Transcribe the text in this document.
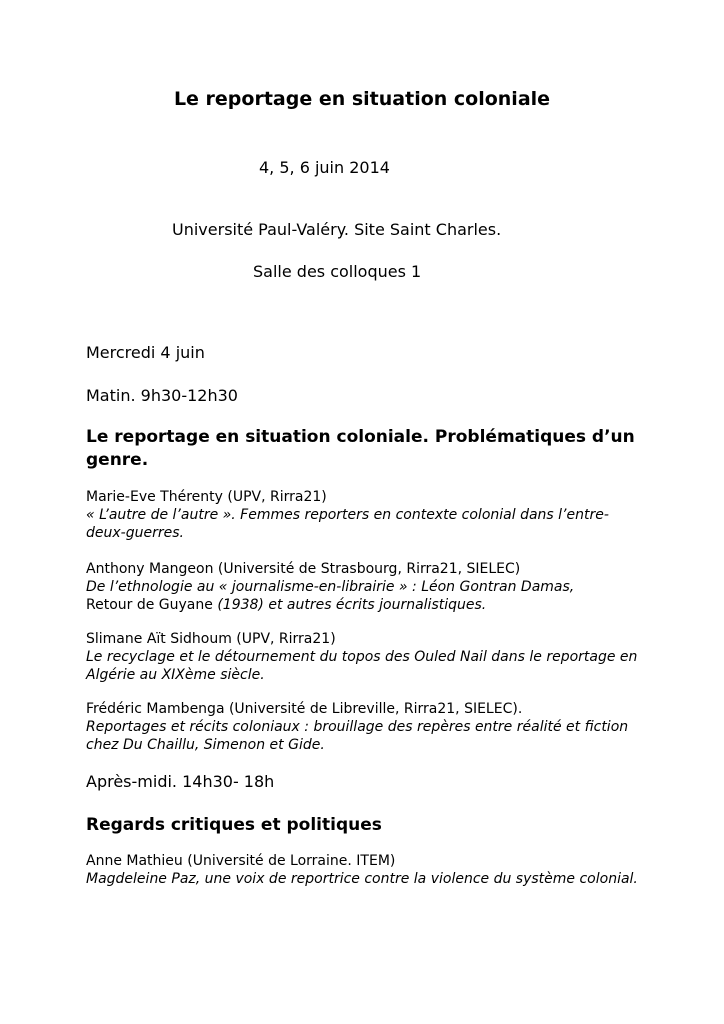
Le reportage en situation coloniale
4, 5, 6 juin 2014
Université Paul-Valéry. Site Saint Charles.
Salle des colloques 1
Mercredi 4 juin
Matin. 9h30-12h30
Le reportage en situation coloniale. Problématiques d’un genre.
Marie-Eve Thérenty (UPV, Rirra21)
« L’autre de l’autre ». Femmes reporters en contexte colonial dans l’entre-deux-guerres.
Anthony Mangeon (Université de Strasbourg, Rirra21, SIELEC)
De l’ethnologie au « journalisme-en-librairie » : Léon Gontran Damas,
Retour de Guyane (1938) et autres écrits journalistiques.
Slimane Aït Sidhoum (UPV, Rirra21)
Le recyclage et le détournement du topos des Ouled Nail dans le reportage en Algérie au XIXème siècle.
Frédéric Mambenga (Université de Libreville, Rirra21, SIELEC).
Reportages et récits coloniaux : brouillage des repères entre réalité et fiction chez Du Chaillu, Simenon et Gide.
Après-midi. 14h30- 18h
Regards critiques et politiques
Anne Mathieu (Université de Lorraine. ITEM)
Magdeleine Paz, une voix de reportrice contre la violence du système colonial.
